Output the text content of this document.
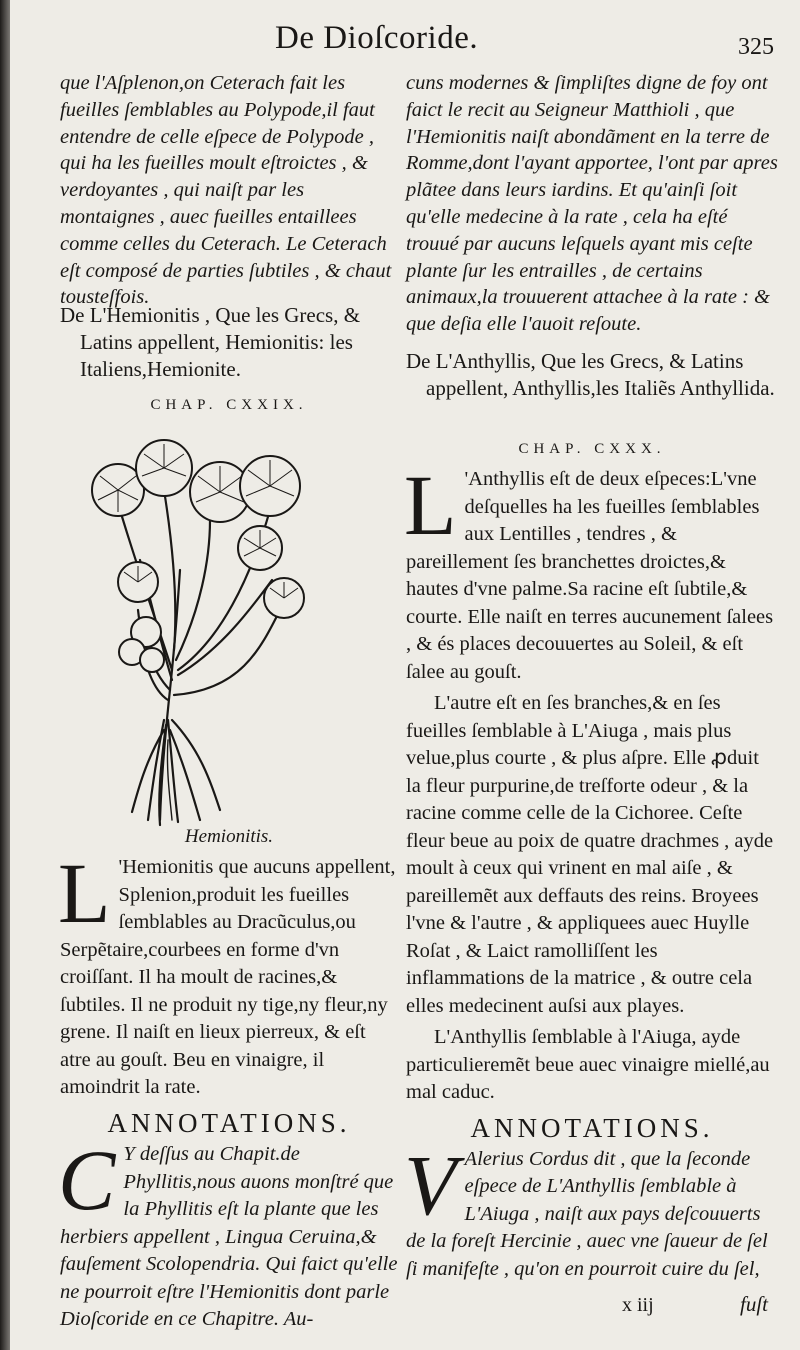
De Dioſcoride.	325

que l'Aſplenon,on Ceterach fait les fueilles ſemblables au Polypode,il faut entendre de celle eſpece de Polypode , qui ha les fueilles moult eſtroictes , & verdoyantes , qui naiſt par les montaignes , auec fueilles entaillees comme celles du Ceterach. Le Ceterach eſt composé de parties ſubtiles , & chaut tousteſfois.

De L'Hemionitis , Que les Grecs, & Latins appellent, Hemionitis: les Italiens,Hemionite.

CHAP. CXXIX.

Hemionitis.

L 'Hemionitis que aucuns appellent, Splenion,produit les fueilles ſemblables au Dracũculus,ou Serpẽtaire,courbees en forme d'vn croiſſant. Il ha moult de racines,& ſubtiles. Il ne produit ny tige,ny fleur,ny grene. Il naiſt en lieux pierreux, & eſt atre au gouſt. Beu en vinaigre, il amoindrit la rate.

ANNOTATIONS.

C Y deſſus au Chapit.de Phyllitis,nous auons monſtré que la Phyllitis eſt la plante que les herbiers appellent , Lingua Ceruina,& fauſement Scolopendria. Qui faict qu'elle ne pourroit eſtre l'Hemionitis dont parle Dioſcoride en ce Chapitre. Au-

cuns modernes & ſimpliſtes digne de foy ont faict le recit au Seigneur Matthioli , que l'Hemionitis naiſt abondãment en la terre de Romme,dont l'ayant apportee, l'ont par apres plãtee dans leurs iardins. Et qu'ainſi ſoit qu'elle medecine à la rate , cela ha eſté trouué par aucuns leſquels ayant mis ceſte plante ſur les entrailles , de certains animaux,la trouuerent attachee à la rate : & que deſia elle l'auoit reſoute.

De L'Anthyllis, Que les Grecs, & Latins appellent, Anthyllis,les Italiẽs Anthyllida.

CHAP. CXXX.

L 'Anthyllis eſt de deux eſpeces:L'vne deſquelles ha les fueilles ſemblables aux Lentilles , tendres , & pareillement ſes branchettes droictes,& hautes d'vne palme.Sa racine eſt ſubtile,& courte. Elle naiſt en terres aucunement ſalees , & és places decouuertes au Soleil, & eſt ſalee au gouſt.

L'autre eſt en ſes branches,& en ſes fueilles ſemblable à L'Aiuga , mais plus velue,plus courte , & plus aſpre. Elle ꝓduit la fleur purpurine,de treſforte odeur , & la racine comme celle de la Cichoree. Ceſte fleur beue au poix de quatre drachmes , ayde moult à ceux qui vrinent en mal aiſe , & pareillemẽt aux deffauts des reins. Broyees l'vne & l'autre , & appliquees auec Huylle Roſat , & Laict ramolliſſent les inflammations de la matrice , & outre cela elles medecinent auſsi aux playes.

L'Anthyllis ſemblable à l'Aiuga, ayde particulieremẽt beue auec vinaigre miellé,au mal caduc.

ANNOTATIONS.

V Alerius Cordus dit , que la ſeconde eſpece de L'Anthyllis ſemblable à L'Aiuga , naiſt aux pays deſcouuerts de la foreſt Hercinie , auec vne ſaueur de ſel ſi manifeſte , qu'on en pourroit cuire du ſel,

x iij	fuſt
